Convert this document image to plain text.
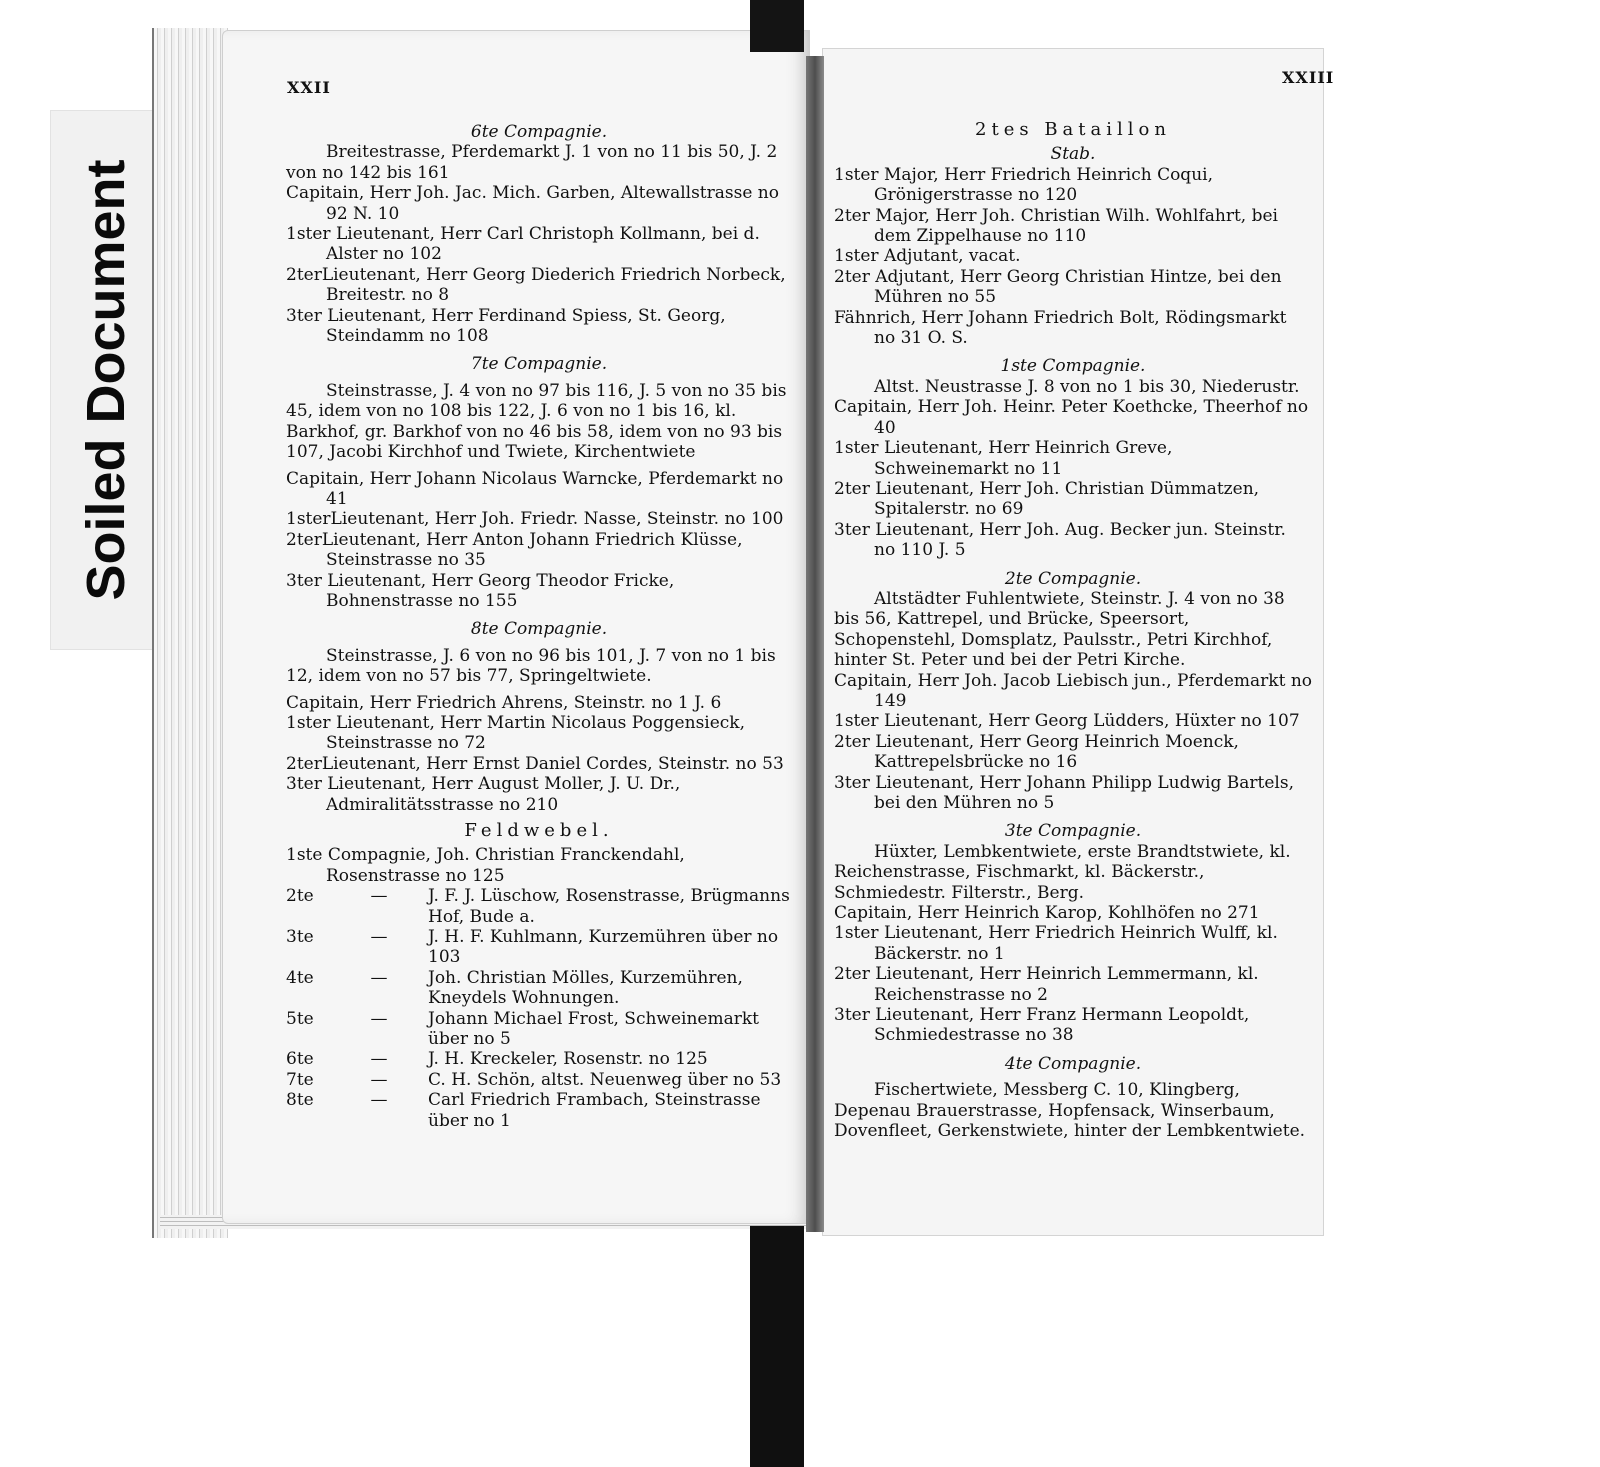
Soiled Document
XXII
XXIII
6te Compagnie.
Breitestrasse, Pferdemarkt J. 1 von no 11 bis 50, J. 2 von no 142 bis 161
Capitain, Herr Joh. Jac. Mich. Garben, Altewallstrasse no 92 N. 10
1ster Lieutenant, Herr Carl Christoph Kollmann, bei d. Alster no 102
2terLieutenant, Herr Georg Diederich Friedrich Norbeck, Breitestr. no 8
3ter Lieutenant, Herr Ferdinand Spiess, St. Georg, Steindamm no 108
7te Compagnie.
Steinstrasse, J. 4 von no 97 bis 116, J. 5 von no 35 bis 45, idem von no 108 bis 122, J. 6 von no 1 bis 16, kl. Barkhof, gr. Barkhof von no 46 bis 58, idem von no 93 bis 107, Jacobi Kirchhof und Twiete, Kirchentwiete
Capitain, Herr Johann Nicolaus Warncke, Pferdemarkt no 41
1sterLieutenant, Herr Joh. Friedr. Nasse, Steinstr. no 100
2terLieutenant, Herr Anton Johann Friedrich Klüsse, Steinstrasse no 35
3ter Lieutenant, Herr Georg Theodor Fricke, Bohnenstrasse no 155
8te Compagnie.
Steinstrasse, J. 6 von no 96 bis 101, J. 7 von no 1 bis 12, idem von no 57 bis 77, Springeltwiete.
Capitain, Herr Friedrich Ahrens, Steinstr. no 1 J. 6
1ster Lieutenant, Herr Martin Nicolaus Poggensieck, Steinstrasse no 72
2terLieutenant, Herr Ernst Daniel Cordes, Steinstr. no 53
3ter Lieutenant, Herr August Moller, J. U. Dr., Admiralitätsstrasse no 210
Feldwebel.
1ste Compagnie, Joh. Christian Franckendahl, Rosenstrasse no 125
2te	—	J. F. J. Lüschow, Rosenstrasse, Brügmanns Hof, Bude a.
3te	—	J. H. F. Kuhlmann, Kurzemühren über no 103
4te	—	Joh. Christian Mölles, Kurzemühren, Kneydels Wohnungen.
5te	—	Johann Michael Frost, Schweinemarkt über no 5
6te	—	J. H. Kreckeler, Rosenstr. no 125
7te	—	C. H. Schön, altst. Neuenweg über no 53
8te	—	Carl Friedrich Frambach, Steinstrasse über no 1
2tes Bataillon
Stab.
1ster Major, Herr Friedrich Heinrich Coqui, Grönigerstrasse no 120
2ter Major, Herr Joh. Christian Wilh. Wohlfahrt, bei dem Zippelhause no 110
1ster Adjutant, vacat.
2ter Adjutant, Herr Georg Christian Hintze, bei den Mühren no 55
Fähnrich, Herr Johann Friedrich Bolt, Rödingsmarkt no 31 O. S.
1ste Compagnie.
Altst. Neustrasse J. 8 von no 1 bis 30, Niederustr.
Capitain, Herr Joh. Heinr. Peter Koethcke, Theerhof no 40
1ster Lieutenant, Herr Heinrich Greve, Schweinemarkt no 11
2ter Lieutenant, Herr Joh. Christian Dümmatzen, Spitalerstr. no 69
3ter Lieutenant, Herr Joh. Aug. Becker jun. Steinstr. no 110 J. 5
2te Compagnie.
Altstädter Fuhlentwiete, Steinstr. J. 4 von no 38 bis 56, Kattrepel, und Brücke, Speersort, Schopenstehl, Domsplatz, Paulsstr., Petri Kirchhof, hinter St. Peter und bei der Petri Kirche.
Capitain, Herr Joh. Jacob Liebisch jun., Pferdemarkt no 149
1ster Lieutenant, Herr Georg Lüdders, Hüxter no 107
2ter Lieutenant, Herr Georg Heinrich Moenck, Kattrepelsbrücke no 16
3ter Lieutenant, Herr Johann Philipp Ludwig Bartels, bei den Mühren no 5
3te Compagnie.
Hüxter, Lembkentwiete, erste Brandtstwiete, kl. Reichenstrasse, Fischmarkt, kl. Bäckerstr., Schmiedestr. Filterstr., Berg.
Capitain, Herr Heinrich Karop, Kohlhöfen no 271
1ster Lieutenant, Herr Friedrich Heinrich Wulff, kl. Bäckerstr. no 1
2ter Lieutenant, Herr Heinrich Lemmermann, kl. Reichenstrasse no 2
3ter Lieutenant, Herr Franz Hermann Leopoldt, Schmiedestrasse no 38
4te Compagnie.
Fischertwiete, Messberg C. 10, Klingberg, Depenau Brauerstrasse, Hopfensack, Winserbaum, Dovenfleet, Gerkenstwiete, hinter der Lembkentwiete.
